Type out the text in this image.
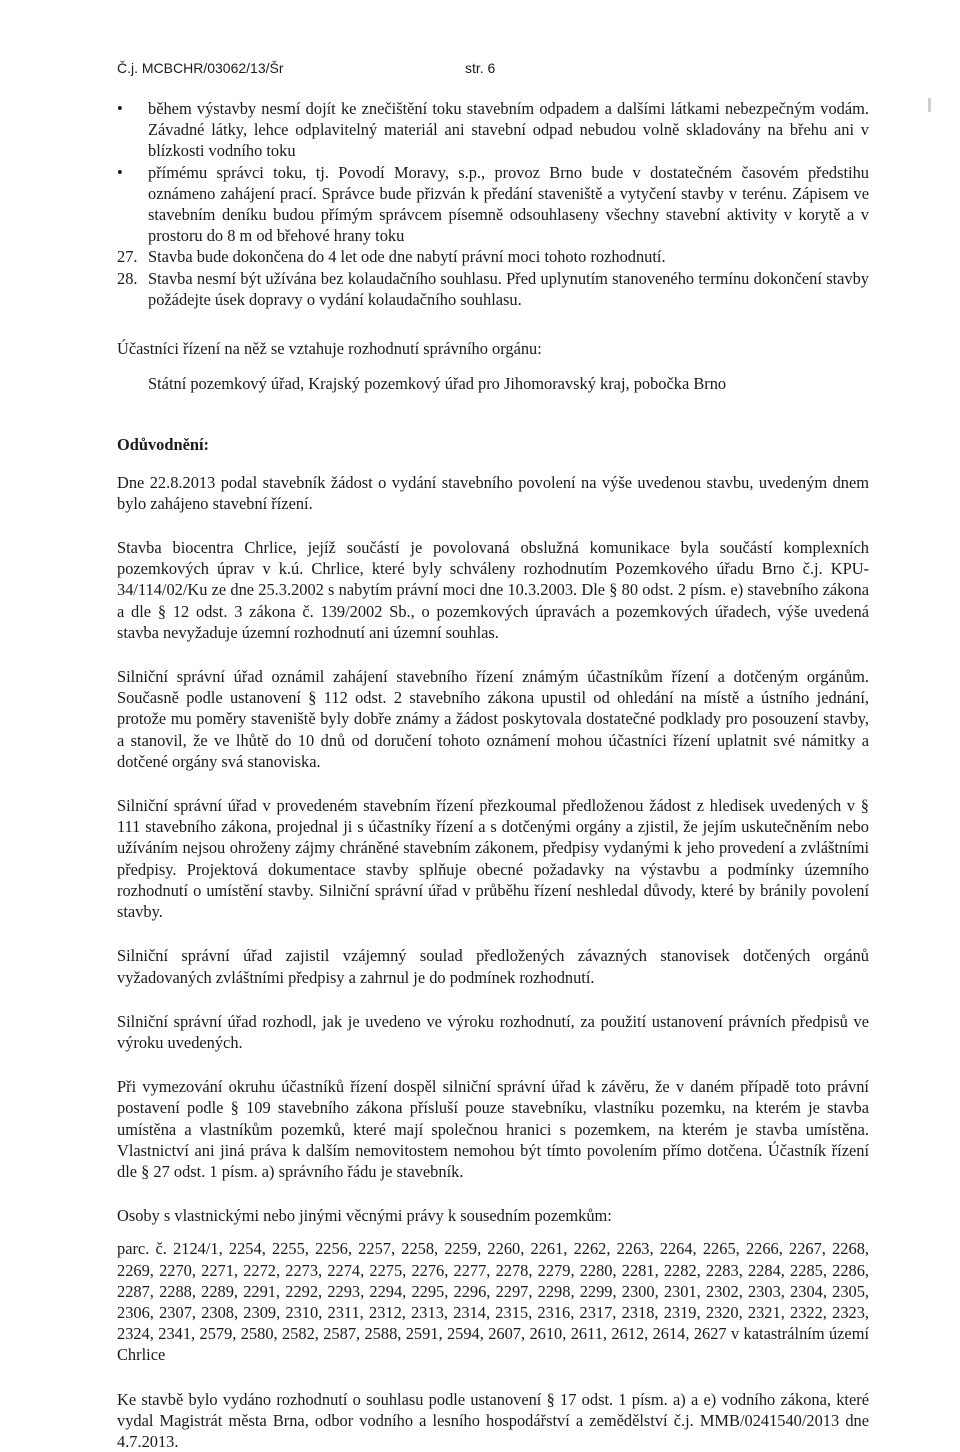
Č.j. MCBCHR/03062/13/Šr	str. 6

• během výstavby nesmí dojít ke znečištění toku stavebním odpadem a dalšími látkami nebezpečným vodám. Závadné látky, lehce odplavitelný materiál ani stavební odpad nebudou volně skladovány na břehu ani v blízkosti vodního toku

• přímému správci toku, tj. Povodí Moravy, s.p., provoz Brno bude v dostatečném časovém předstihu oznámeno zahájení prací. Správce bude přizván k předání staveniště a vytyčení stavby v terénu. Zápisem ve stavebním deníku budou přímým správcem písemně odsouhlaseny všechny stavební aktivity v korytě a v prostoru do 8 m od břehové hrany toku

27. Stavba bude dokončena do 4 let ode dne nabytí právní moci tohoto rozhodnutí.

28. Stavba nesmí být užívána bez kolaudačního souhlasu. Před uplynutím stanoveného termínu dokončení stavby požádejte úsek dopravy o vydání kolaudačního souhlasu.

Účastníci řízení na něž se vztahuje rozhodnutí správního orgánu:

Státní pozemkový úřad, Krajský pozemkový úřad pro Jihomoravský kraj, pobočka Brno

Odůvodnění:

Dne 22.8.2013 podal stavebník žádost o vydání stavebního povolení na výše uvedenou stavbu, uvedeným dnem bylo zahájeno stavební řízení.

Stavba biocentra Chrlice, jejíž součástí je povolovaná obslužná komunikace byla součástí komplexních pozemkových úprav v k.ú. Chrlice, které byly schváleny rozhodnutím Pozemkového úřadu Brno č.j. KPU-34/114/02/Ku ze dne 25.3.2002 s nabytím právní moci dne 10.3.2003. Dle § 80 odst. 2 písm. e) stavebního zákona a dle § 12 odst. 3 zákona č. 139/2002 Sb., o pozemkových úpravách a pozemkových úřadech, výše uvedená stavba nevyžaduje územní rozhodnutí ani územní souhlas.

Silniční správní úřad oznámil zahájení stavebního řízení známým účastníkům řízení a dotčeným orgánům. Současně podle ustanovení § 112 odst. 2 stavebního zákona upustil od ohledání na místě a ústního jednání, protože mu poměry staveniště byly dobře známy a žádost poskytovala dostatečné podklady pro posouzení stavby, a stanovil, že ve lhůtě do 10 dnů od doručení tohoto oznámení mohou účastníci řízení uplatnit své námitky a dotčené orgány svá stanoviska.

Silniční správní úřad v provedeném stavebním řízení přezkoumal předloženou žádost z hledisek uvedených v § 111 stavebního zákona, projednal ji s účastníky řízení a s dotčenými orgány a zjistil, že jejím uskutečněním nebo užíváním nejsou ohroženy zájmy chráněné stavebním zákonem, předpisy vydanými k jeho provedení a zvláštními předpisy. Projektová dokumentace stavby splňuje obecné požadavky na výstavbu a podmínky územního rozhodnutí o umístění stavby. Silniční správní úřad v průběhu řízení neshledal důvody, které by bránily povolení stavby.

Silniční správní úřad zajistil vzájemný soulad předložených závazných stanovisek dotčených orgánů vyžadovaných zvláštními předpisy a zahrnul je do podmínek rozhodnutí.

Silniční správní úřad rozhodl, jak je uvedeno ve výroku rozhodnutí, za použití ustanovení právních předpisů ve výroku uvedených.

Při vymezování okruhu účastníků řízení dospěl silniční správní úřad k závěru, že v daném případě toto právní postavení podle § 109 stavebního zákona přísluší pouze stavebníku, vlastníku pozemku, na kterém je stavba umístěna a vlastníkům pozemků, které mají společnou hranici s pozemkem, na kterém je stavba umístěna. Vlastnictví ani jiná práva k dalším nemovitostem nemohou být tímto povolením přímo dotčena. Účastník řízení dle § 27 odst. 1 písm. a) správního řádu je stavebník.

Osoby s vlastnickými nebo jinými věcnými právy k sousedním pozemkům:

parc. č. 2124/1, 2254, 2255, 2256, 2257, 2258, 2259, 2260, 2261, 2262, 2263, 2264, 2265, 2266, 2267, 2268, 2269, 2270, 2271, 2272, 2273, 2274, 2275, 2276, 2277, 2278, 2279, 2280, 2281, 2282, 2283, 2284, 2285, 2286, 2287, 2288, 2289, 2291, 2292, 2293, 2294, 2295, 2296, 2297, 2298, 2299, 2300, 2301, 2302, 2303, 2304, 2305, 2306, 2307, 2308, 2309, 2310, 2311, 2312, 2313, 2314, 2315, 2316, 2317, 2318, 2319, 2320, 2321, 2322, 2323, 2324, 2341, 2579, 2580, 2582, 2587, 2588, 2591, 2594, 2607, 2610, 2611, 2612, 2614, 2627 v katastrálním území Chrlice

Ke stavbě bylo vydáno rozhodnutí o souhlasu podle ustanovení § 17 odst. 1 písm. a) a e) vodního zákona, které vydal Magistrát města Brna, odbor vodního a lesního hospodářství a zemědělství č.j. MMB/0241540/2013 dne 4.7.2013.
